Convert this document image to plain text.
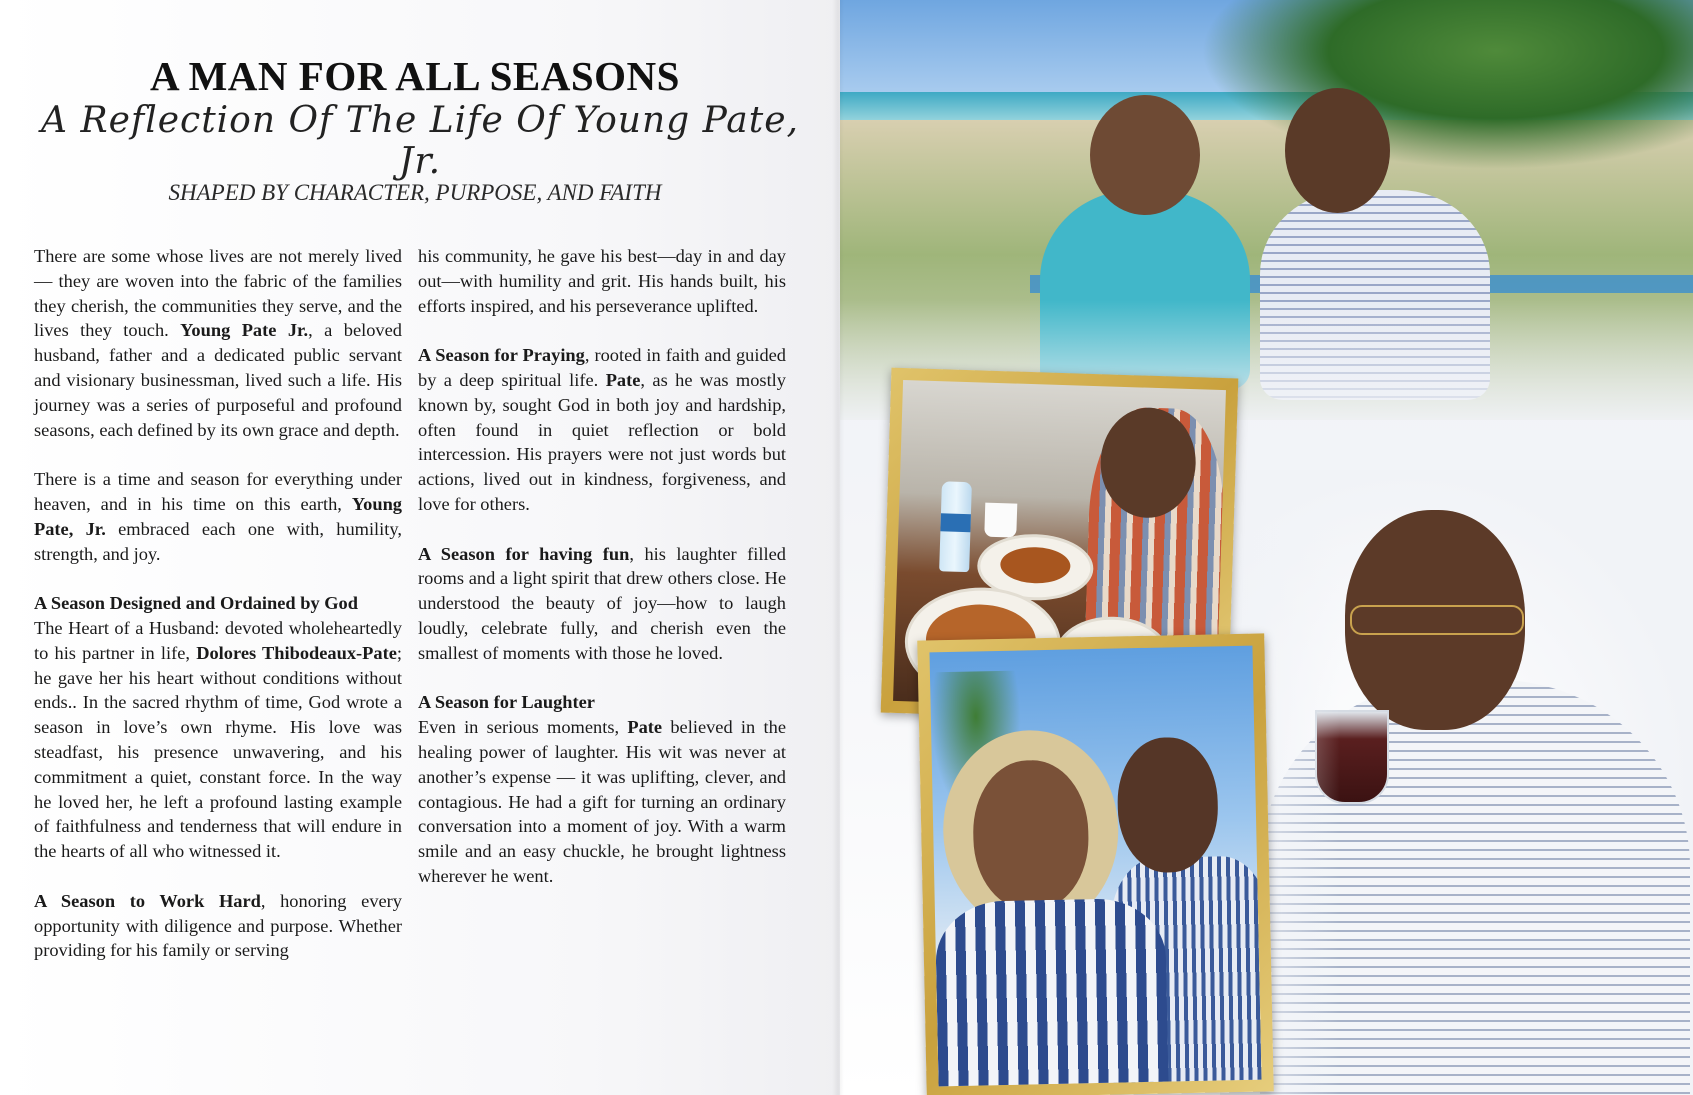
A MAN FOR ALL SEASONS
A Reflection Of The Life Of Young Pate, Jr.
SHAPED BY CHARACTER, PURPOSE, AND FAITH

There are some whose lives are not merely lived — they are woven into the fabric of the families they cherish, the communities they serve, and the lives they touch. Young Pate Jr., a beloved husband, father and a dedicated public servant and visionary businessman, lived such a life. His journey was a series of purposeful and profound seasons, each defined by its own grace and depth.

There is a time and season for everything under heaven, and in his time on this earth, Young Pate, Jr. embraced each one with, humility, strength, and joy.

A Season Designed and Ordained by God
The Heart of a Husband: devoted wholeheartedly to his partner in life, Dolores Thibodeaux-Pate; he gave her his heart without conditions without ends.. In the sacred rhythm of time, God wrote a season in love’s own rhyme. His love was steadfast, his presence unwavering, and his commitment a quiet, constant force. In the way he loved her, he left a profound lasting example of faithfulness and tenderness that will endure in the hearts of all who witnessed it.

A Season to Work Hard, honoring every opportunity with diligence and purpose. Whether providing for his family or serving

his community, he gave his best—day in and day out—with humility and grit. His hands built, his efforts inspired, and his perseverance uplifted.

A Season for Praying, rooted in faith and guided by a deep spiritual life. Pate, as he was mostly known by, sought God in both joy and hardship, often found in quiet reflection or bold intercession. His prayers were not just words but actions, lived out in kindness, forgiveness, and love for others.

A Season for having fun, his laughter filled rooms and a light spirit that drew others close. He understood the beauty of joy—how to laugh loudly, celebrate fully, and cherish even the smallest of moments with those he loved.

A Season for Laughter
Even in serious moments, Pate believed in the healing power of laughter. His wit was never at another’s expense — it was uplifting, clever, and contagious. He had a gift for turning an ordinary conversation into a moment of joy. With a warm smile and an easy chuckle, he brought lightness wherever he went.
